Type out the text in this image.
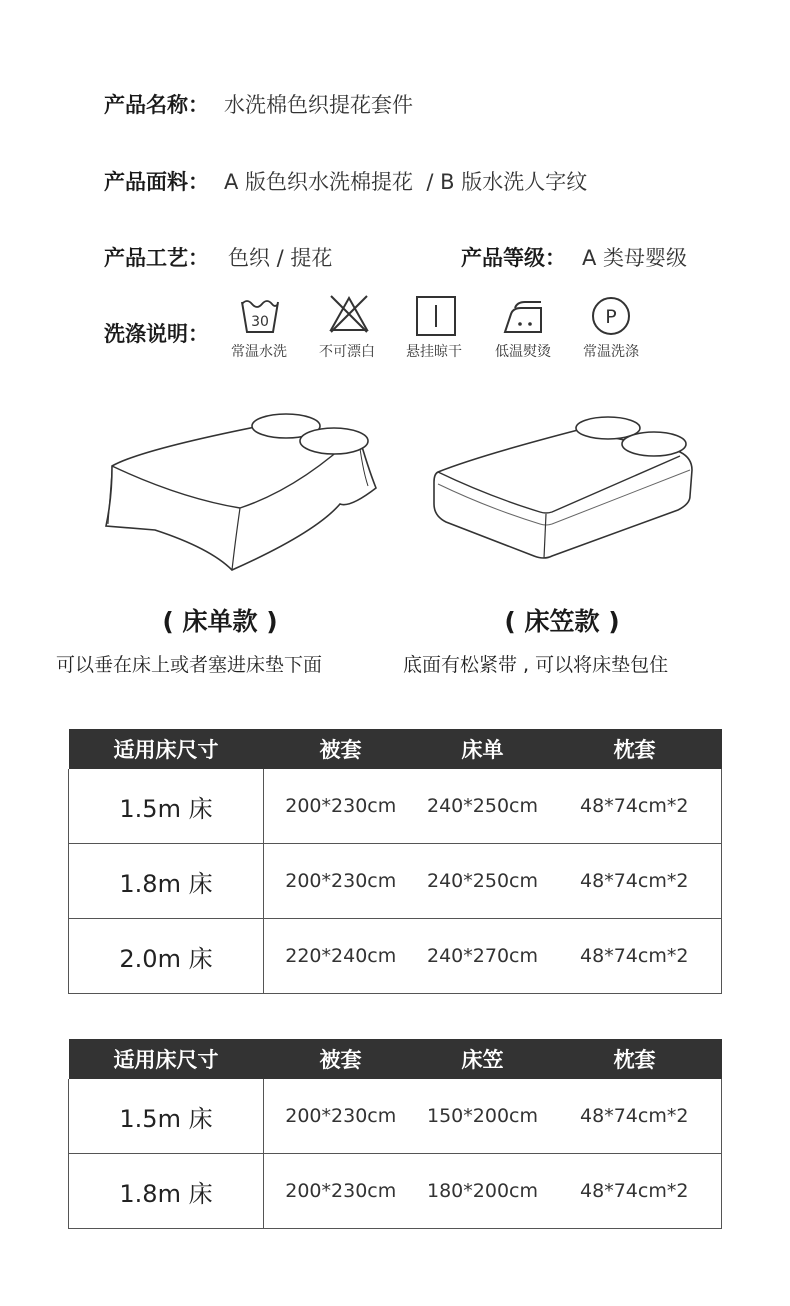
产品名称： 水洗棉色织提花套件
产品面料： A 版色织水洗棉提花  / B 版水洗人字纹
产品工艺： 色织 / 提花	产品等级： A 类母婴级
洗涤说明：	30	P
常温水洗	不可漂白	悬挂晾干	低温熨烫	常温洗涤
( 床单款 )	( 床笠款 )
可以垂在床上或者塞进床垫下面	底面有松紧带 , 可以将床垫包住
适用床尺寸	被套	床单	枕套
1.5m 床	200*230cm	240*250cm	48*74cm*2
1.8m 床	200*230cm	240*250cm	48*74cm*2
2.0m 床	220*240cm	240*270cm	48*74cm*2
适用床尺寸	被套	床笠	枕套
1.5m 床	200*230cm	150*200cm	48*74cm*2
1.8m 床	200*230cm	180*200cm	48*74cm*2
